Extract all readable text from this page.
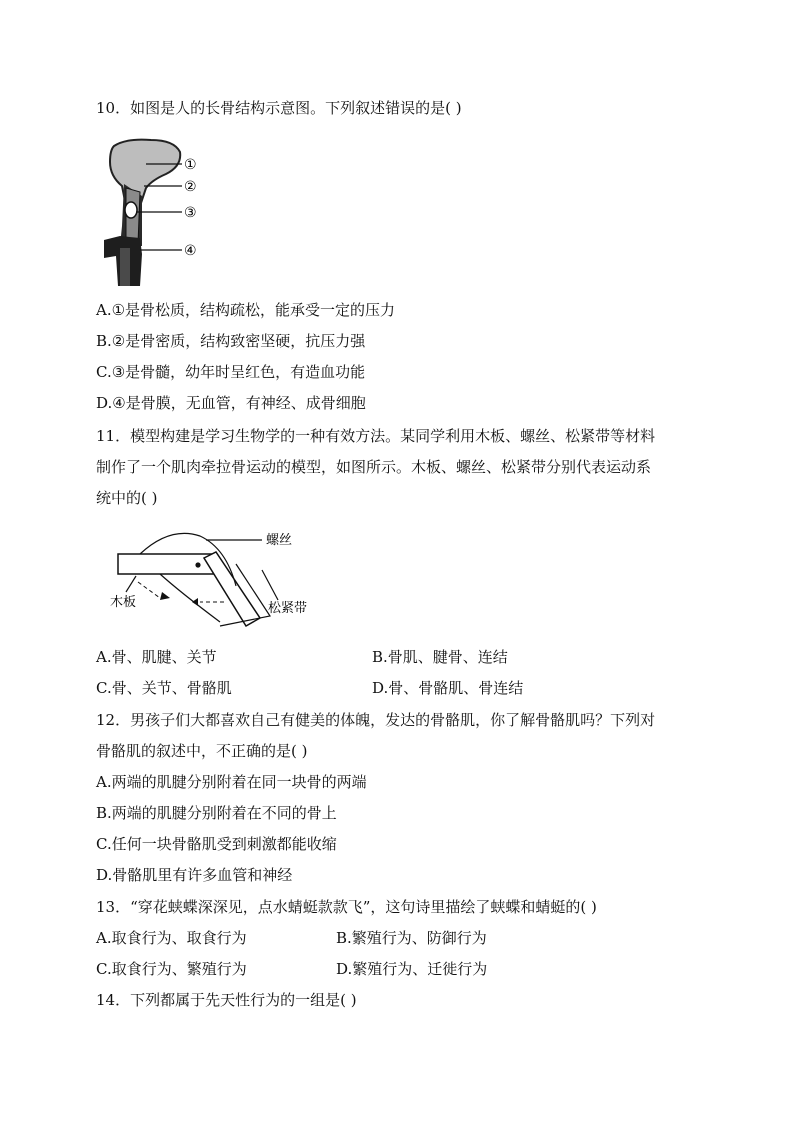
10．如图是人的长骨结构示意图。下列叙述错误的是( )
①
②
③
④
A.①是骨松质，结构疏松，能承受一定的压力
B.②是骨密质，结构致密坚硬，抗压力强
C.③是骨髓，幼年时呈红色，有造血功能
D.④是骨膜，无血管，有神经、成骨细胞
11．模型构建是学习生物学的一种有效方法。某同学利用木板、螺丝、松紧带等材料
制作了一个肌肉牵拉骨运动的模型，如图所示。木板、螺丝、松紧带分别代表运动系
统中的( )
螺丝
木板	松紧带
A.骨、肌腱、关节	B.骨肌、腱骨、连结
C.骨、关节、骨骼肌	D.骨、骨骼肌、骨连结
12．男孩子们大都喜欢自己有健美的体魄，发达的骨骼肌，你了解骨骼肌吗？下列对
骨骼肌的叙述中，不正确的是( )
A.两端的肌腱分别附着在同一块骨的两端
B.两端的肌腱分别附着在不同的骨上
C.任何一块骨骼肌受到刺激都能收缩
D.骨骼肌里有许多血管和神经
13．“穿花蛱蝶深深见，点水蜻蜓款款飞”，这句诗里描绘了蛱蝶和蜻蜓的( )
A.取食行为、取食行为	B.繁殖行为、防御行为
C.取食行为、繁殖行为	D.繁殖行为、迁徙行为
14．下列都属于先天性行为的一组是( )
